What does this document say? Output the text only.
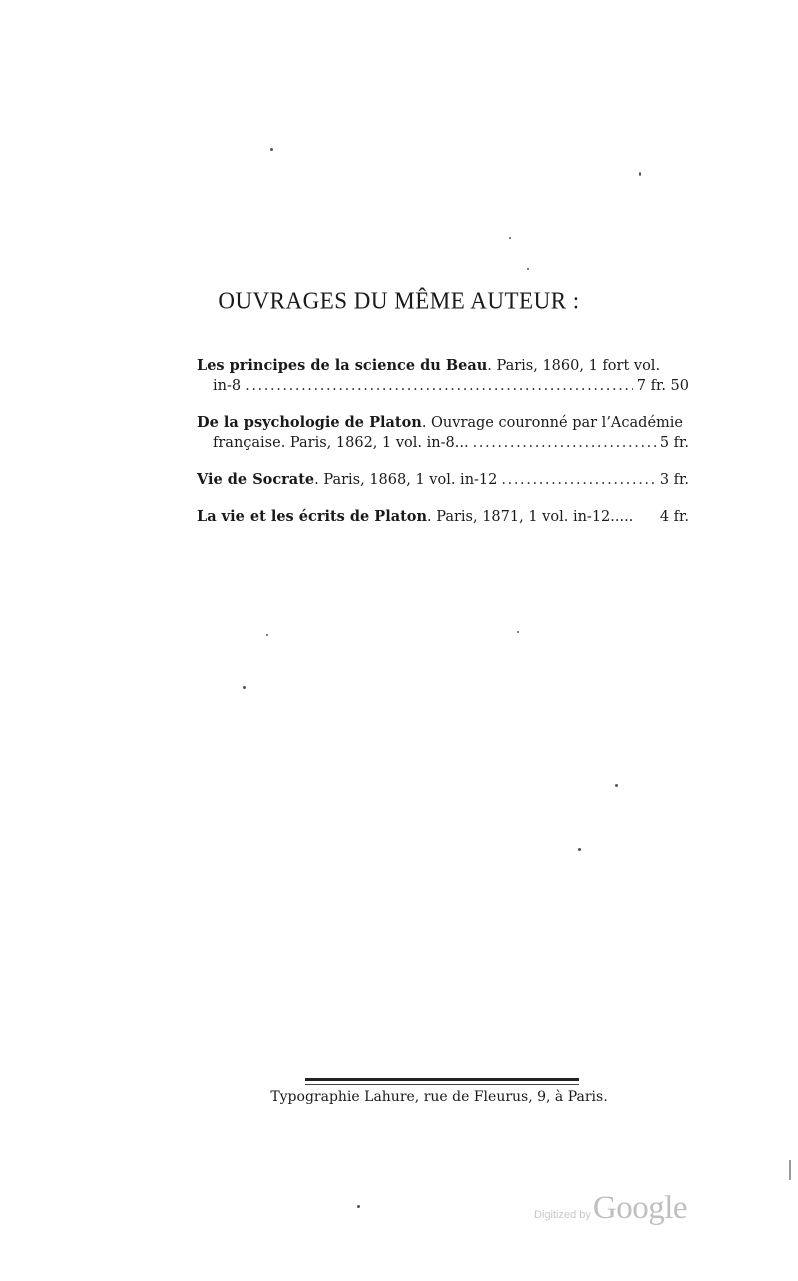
OUVRAGES DU MÊME AUTEUR :
Les principes de la science du Beau. Paris, 1860, 1 fort vol.
in-8 . . .	7 fr. 50
De la psychologie de Platon. Ouvrage couronné par l’Académie
française. Paris, 1862, 1 vol. in-8... . . .	5 fr.
Vie de Socrate . Paris, 1868, 1 vol. in-12 . . .	3 fr.
La vie et les écrits de Platon. Paris, 1871, 1 vol. in-12..... 4 fr.
Typographie Lahure, rue de Fleurus, 9, à Paris.
Digitized by Google
